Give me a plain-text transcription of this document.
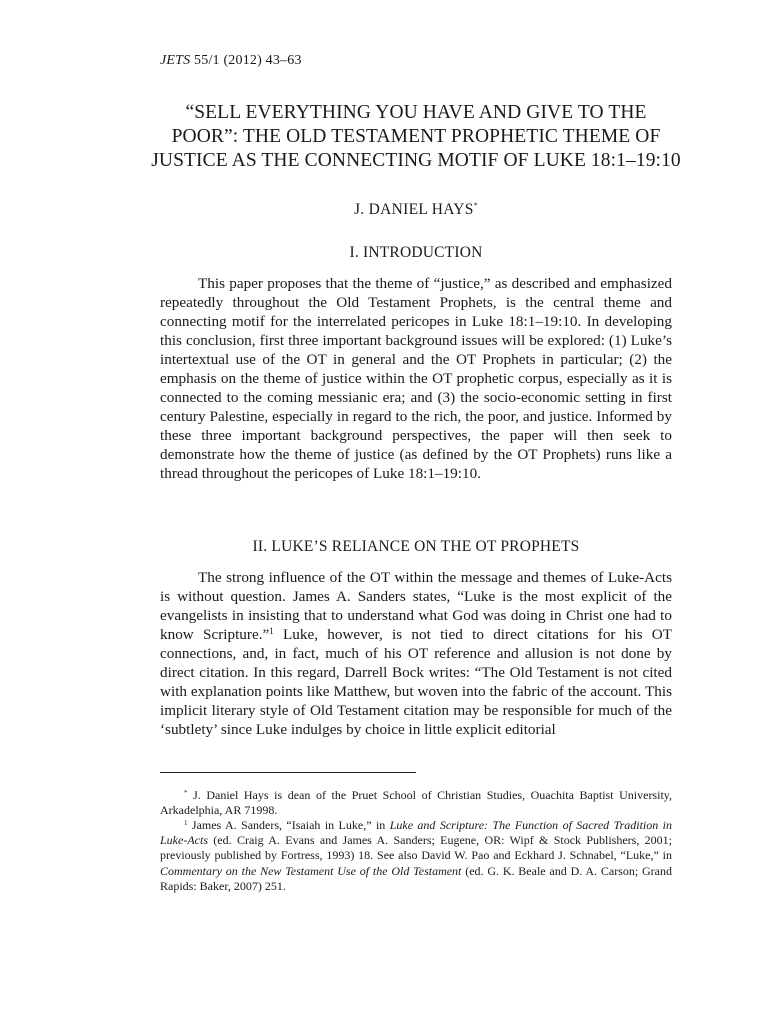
JETS 55/1 (2012) 43–63
“SELL EVERYTHING YOU HAVE AND GIVE TO THE POOR”: THE OLD TESTAMENT PROPHETIC THEME OF JUSTICE AS THE CONNECTING MOTIF OF LUKE 18:1–19:10
J. DANIEL HAYS*
I. INTRODUCTION

This paper proposes that the theme of “justice,” as described and emphasized repeatedly throughout the Old Testament Prophets, is the central theme and connecting motif for the interrelated pericopes in Luke 18:1–19:10. In developing this conclusion, first three important background issues will be explored: (1) Luke’s intertextual use of the OT in general and the OT Prophets in particular; (2) the emphasis on the theme of justice within the OT prophetic corpus, especially as it is connected to the coming messianic era; and (3) the socio-economic setting in first century Palestine, especially in regard to the rich, the poor, and justice. Informed by these three important background perspectives, the paper will then seek to demonstrate how the theme of justice (as defined by the OT Prophets) runs like a thread throughout the pericopes of Luke 18:1–19:10.

II. LUKE’S RELIANCE ON THE OT PROPHETS

The strong influence of the OT within the message and themes of Luke-Acts is without question. James A. Sanders states, “Luke is the most explicit of the evangelists in insisting that to understand what God was doing in Christ one had to know Scripture.”$^1$ Luke, however, is not tied to direct citations for his OT connections, and, in fact, much of his OT reference and allusion is not done by direct citation. In this regard, Darrell Bock writes: “The Old Testament is not cited with explanation points like Matthew, but woven into the fabric of the account. This implicit literary style of Old Testament citation may be responsible for much of the ‘subtlety’ since Luke indulges by choice in little explicit editorial

* J. Daniel Hays is dean of the Pruet School of Christian Studies, Ouachita Baptist University, Arkadelphia, AR 71998.

$^1$ James A. Sanders, “Isaiah in Luke,” in Luke and Scripture: The Function of Sacred Tradition in Luke-Acts (ed. Craig A. Evans and James A. Sanders; Eugene, OR: Wipf & Stock Publishers, 2001; previously published by Fortress, 1993) 18. See also David W. Pao and Eckhard J. Schnabel, “Luke,” in Commentary on the New Testament Use of the Old Testament (ed. G. K. Beale and D. A. Carson; Grand Rapids: Baker, 2007) 251.
